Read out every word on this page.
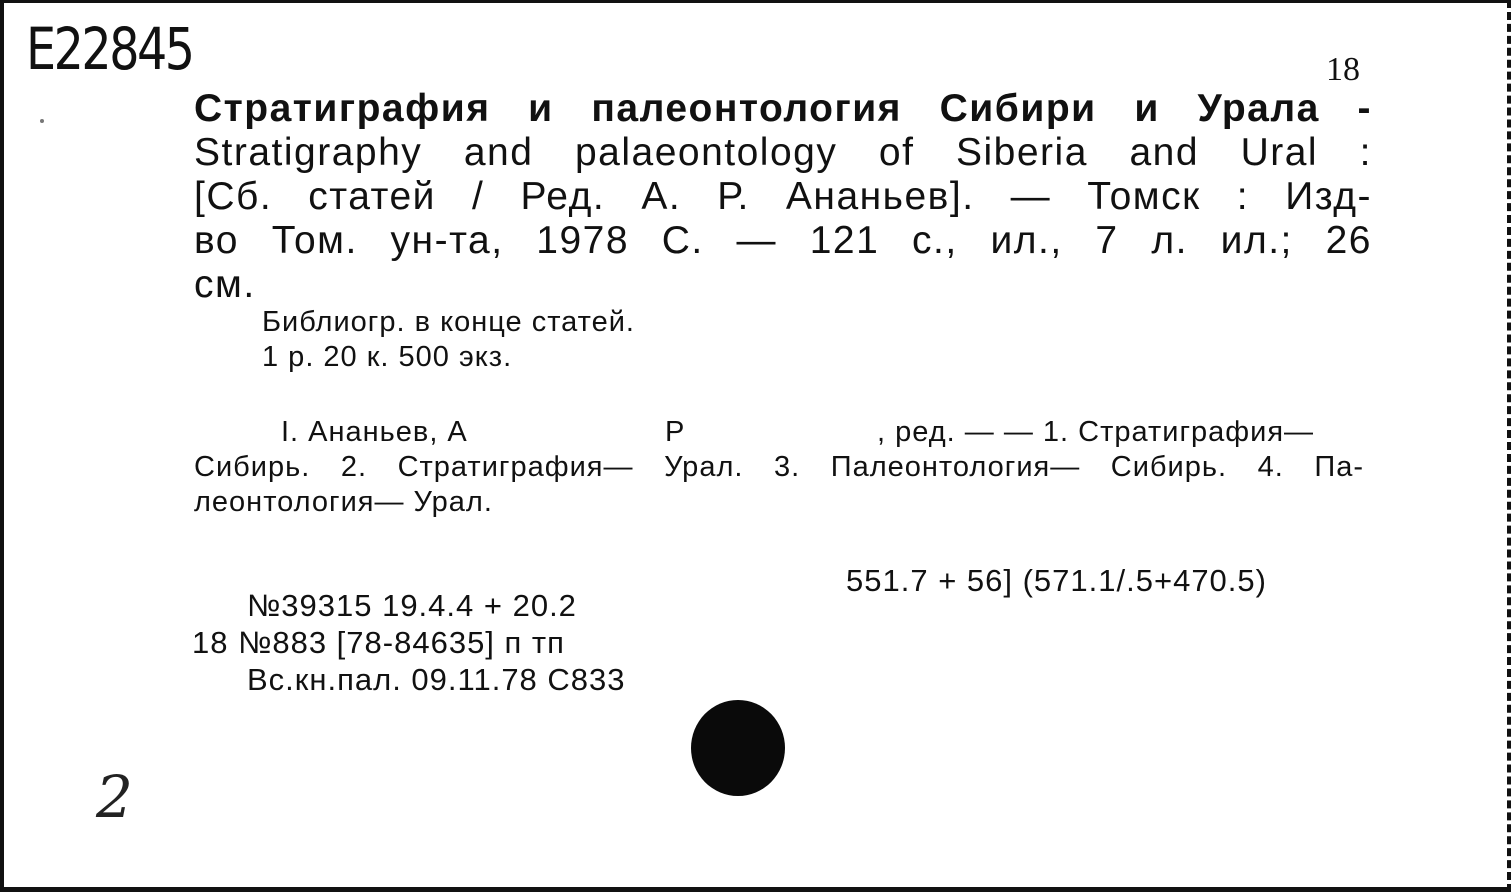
E22845	18
Стратиграфия и палеонтология Сибири и Урала -
Stratigraphy and palaeontology of Siberia and Ural :
[Сб. статей / Ред. А. Р. Ананьев]. — Томск : Изд-
во Том. ун-та, 1978 С. — 121 с., ил., 7 л. ил.; 26
см.
Библиогр. в конце статей.
1 р. 20 к. 500 экз.
I. Ананьев, А	Р	, ред. — — 1. Стратиграфия—
Сибирь. 2. Стратиграфия— Урал. 3. Палеонтология— Сибирь. 4. Па-
леонтология— Урал.
551.7 + 56] (571.1/.5+470.5)
№39315 19.4.4 + 20.2
18 №883 [78-84635] п тп
Вс.кн.пал. 09.11.78 С833
2
